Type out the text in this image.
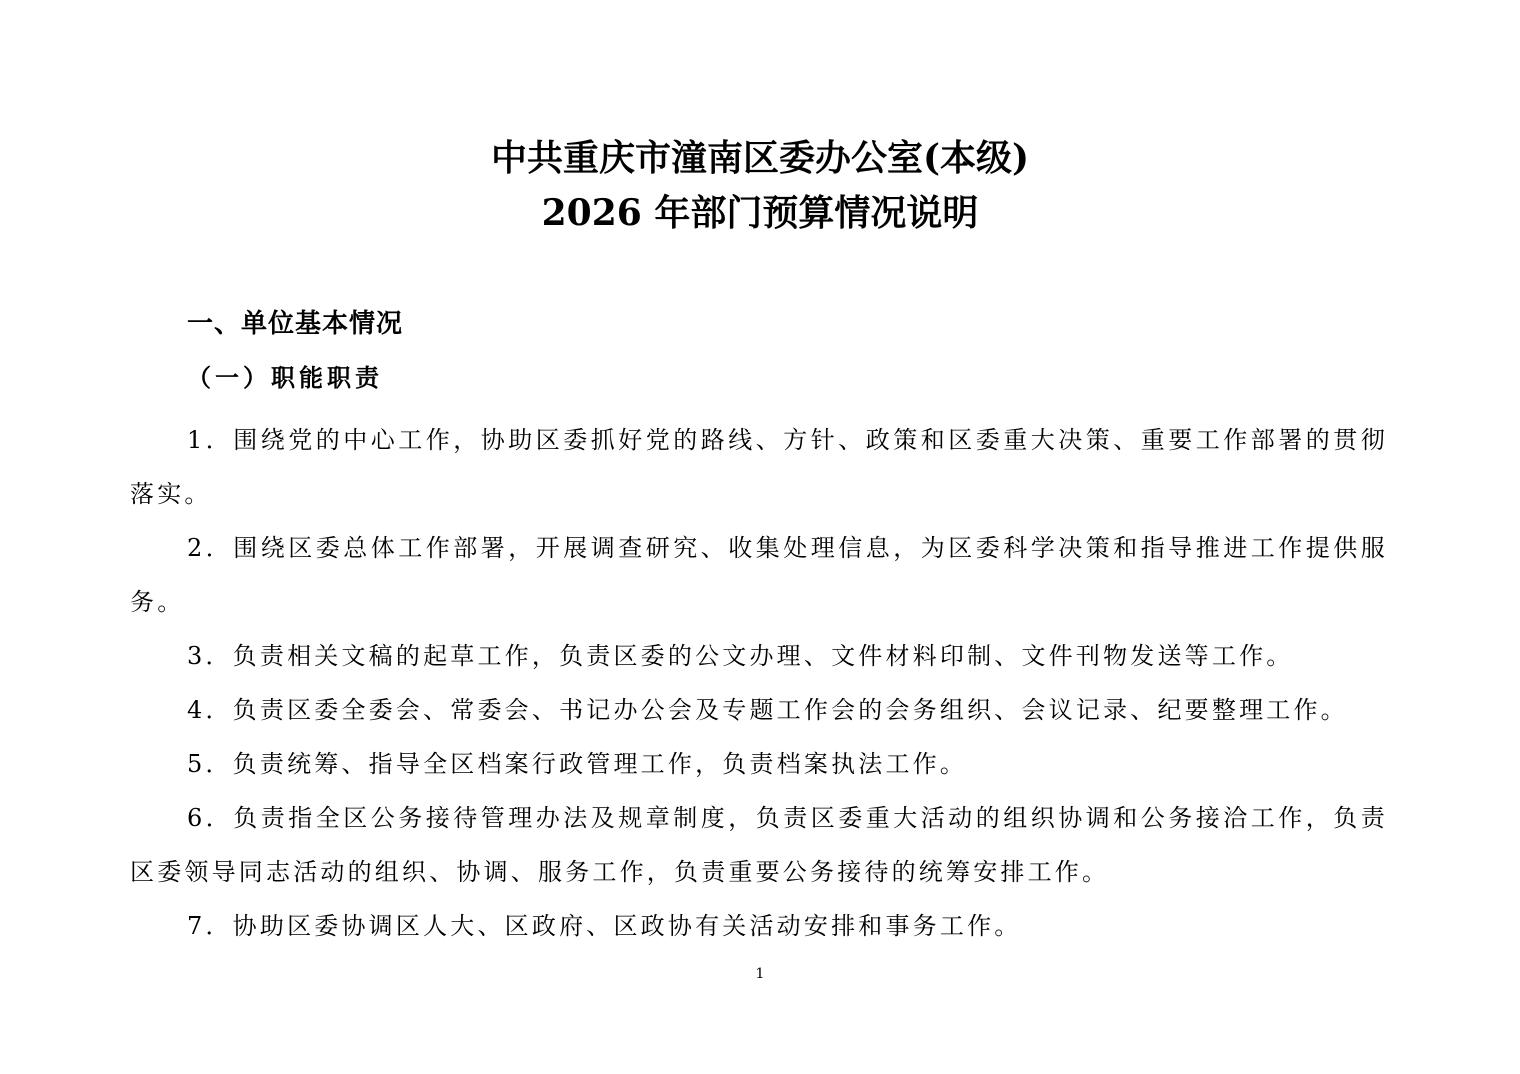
中共重庆市潼南区委办公室(本级)
2026 年部门预算情况说明
一、单位基本情况
（一）职能职责
1．围绕党的中心工作，协助区委抓好党的路线、方针、政策和区委重大决策、重要工作部署的贯彻落实。
2．围绕区委总体工作部署，开展调查研究、收集处理信息，为区委科学决策和指导推进工作提供服务。
3．负责相关文稿的起草工作，负责区委的公文办理、文件材料印制、文件刊物发送等工作。
4．负责区委全委会、常委会、书记办公会及专题工作会的会务组织、会议记录、纪要整理工作。
5．负责统筹、指导全区档案行政管理工作，负责档案执法工作。
6．负责指全区公务接待管理办法及规章制度，负责区委重大活动的组织协调和公务接洽工作，负责区委领导同志活动的组织、协调、服务工作，负责重要公务接待的统筹安排工作。
7．协助区委协调区人大、区政府、区政协有关活动安排和事务工作。
1
